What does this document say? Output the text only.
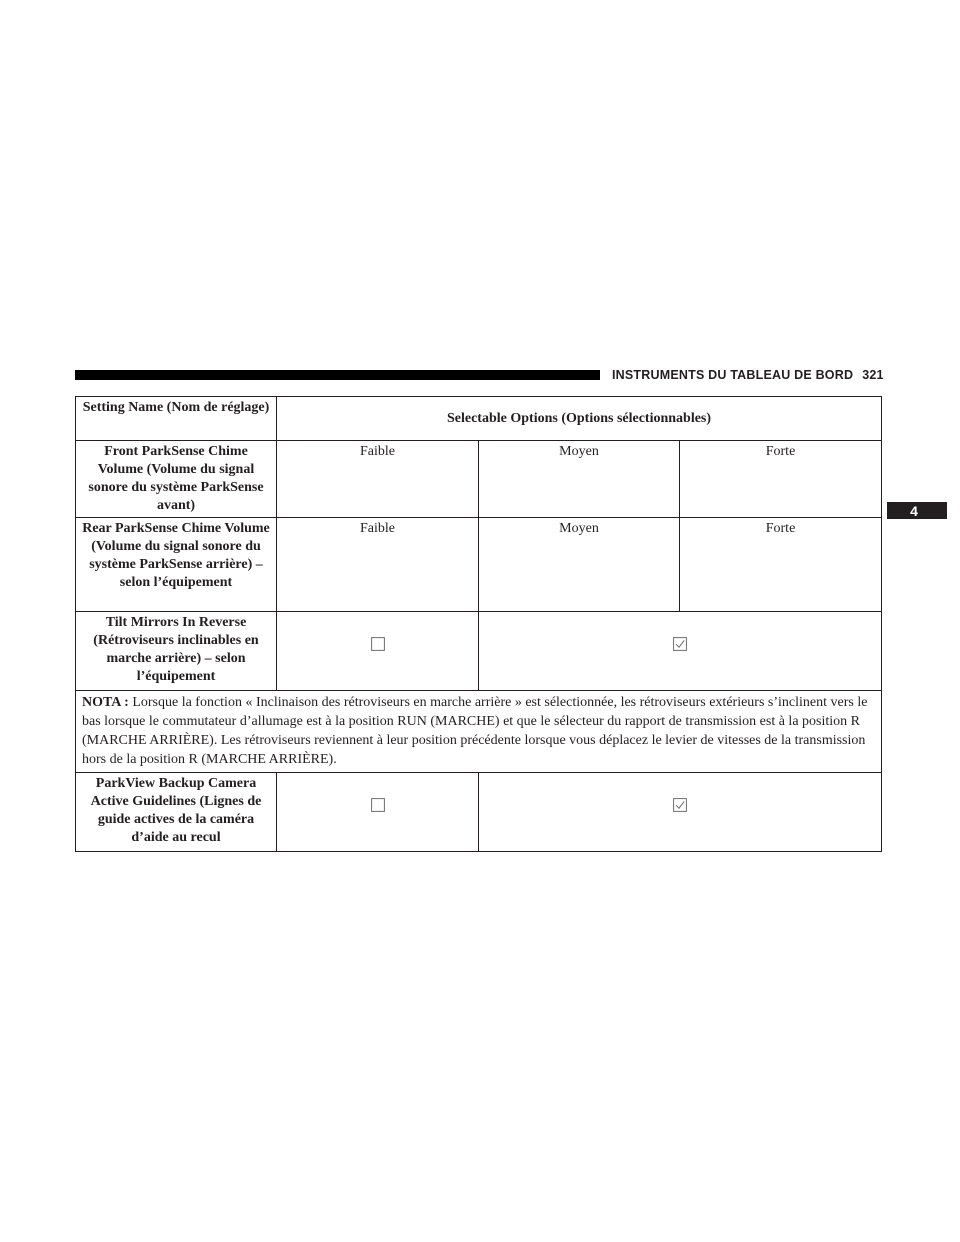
INSTRUMENTS DU TABLEAU DE BORD 321
4
Setting Name (Nom de réglage)	Selectable Options (Options sélectionnables)		
Front ParkSense Chime Volume (Volume du signal sonore du système ParkSense avant)	Faible	Moyen	Forte
Rear ParkSense Chime Volume (Volume du signal sonore du système ParkSense arrière) – selon l’équipement	Faible	Moyen	Forte
Tilt Mirrors In Reverse (Rétroviseurs inclinables en marche arrière) – selon l’équipement		
NOTA : Lorsque la fonction « Inclinaison des rétroviseurs en marche arrière » est sélectionnée, les rétroviseurs extérieurs s’inclinent vers le bas lorsque le commutateur d’allumage est à la position RUN (MARCHE) et que le sélecteur du rapport de transmission est à la position R (MARCHE ARRIÈRE). Les rétroviseurs reviennent à leur position précédente lorsque vous déplacez le levier de vitesses de la transmission hors de la position R (MARCHE ARRIÈRE).			
ParkView Backup Camera Active Guidelines (Lignes de guide actives de la caméra d’aide au recul		
